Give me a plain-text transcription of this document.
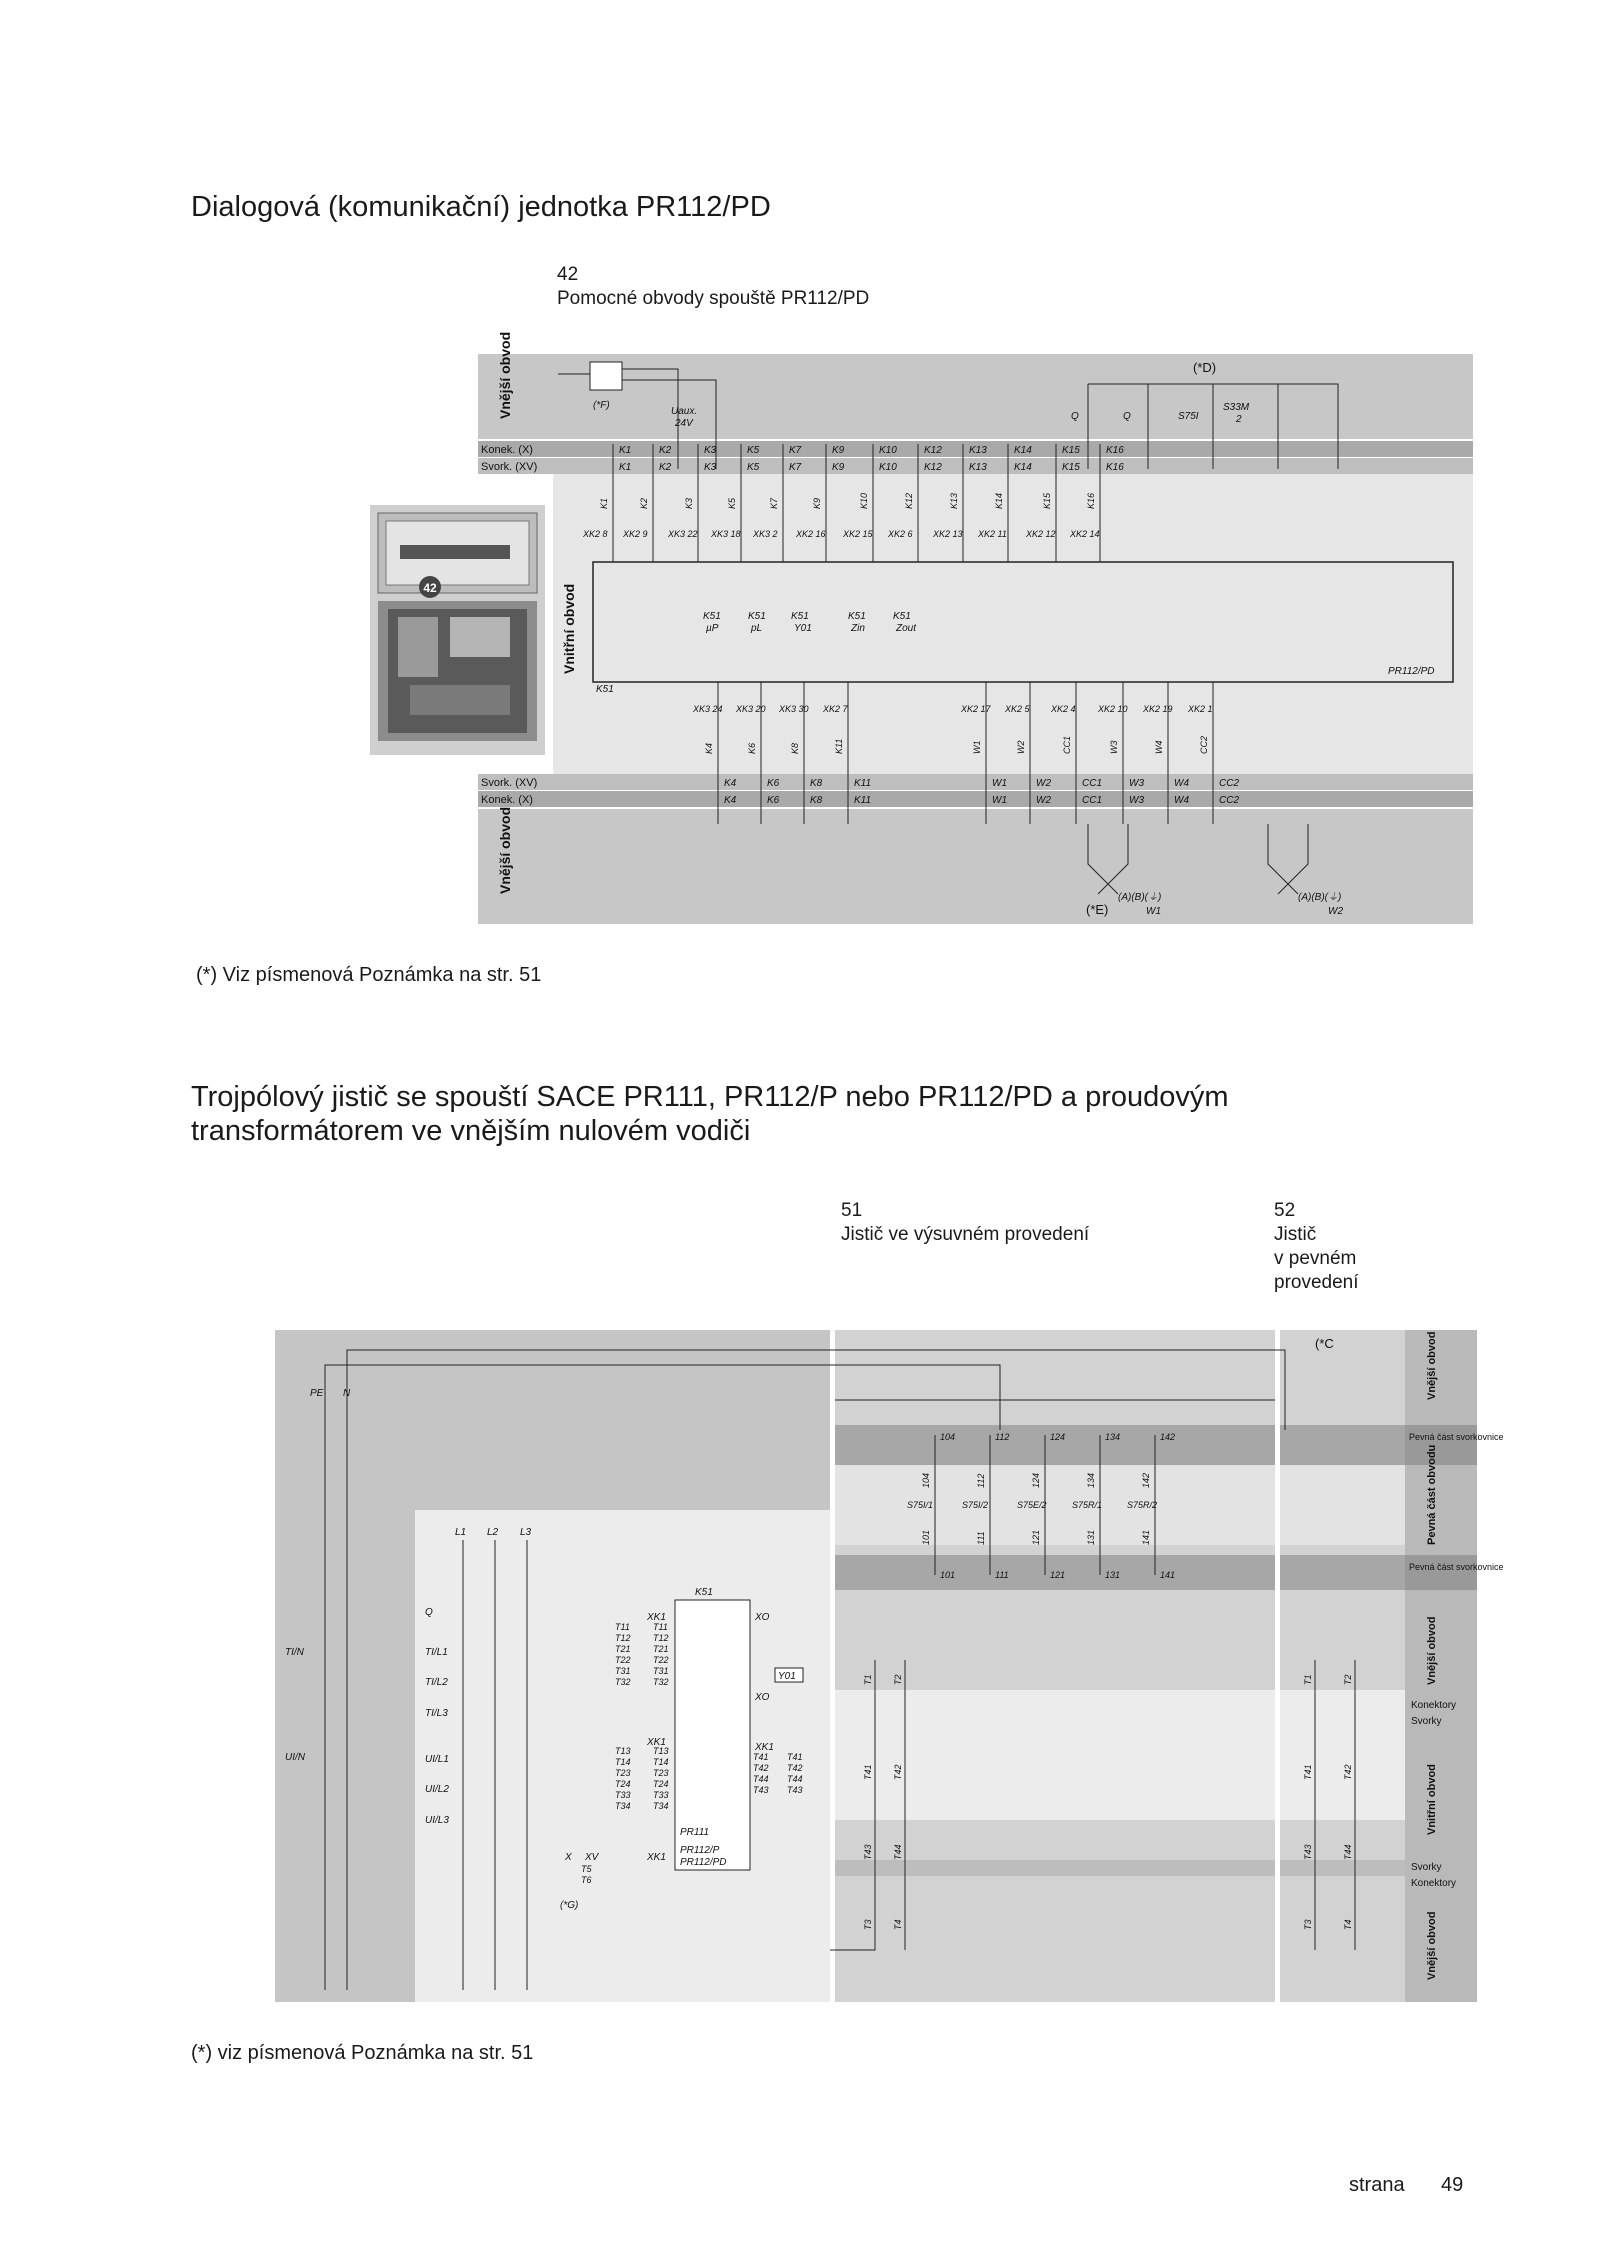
Dialogová (komunikační) jednotka PR112/PD
42
Pomocné obvody spouště PR112/PD
42
Vnější obvod
Vnitřní obvod
Vnější obvod
Konek. (X)
Svork. (XV)
Svork. (XV)
Konek. (X)
(*F)
Uaux.
24V
(*D)
Q	Q	S75I
S33M
2
K51
PR112/PD
K1
K1
K1
K2
K2
K2
K3
K3
K3
K5
K5
K5
K7
K7
K7
K9
K9
K9
K10
K10
K10
K12
K12
K12
K13
K13
K13
K14
K14
K14
K15
K15
K15
K16
K16
K16
XK2 8 XK2 9 XK3 22 XK3 18 XK3 2 XK2 16 XK2 15 XK2 6 XK2 13 XK2 11 XK2 12 XK2 14
K51
µP
K51
pL
K51
Y01
K51
Zin
K51
Zout
XK3 24 XK3 20 XK3 30 XK2 7	XK2 17 XK2 5 XK2 4 XK2 10 XK2 19 XK2 1
K4
K4
K4
K6
K6
K6
K8
K8
K8
K11
K11
K11
W1
W1
W1
W2
W2
W2
CC1
CC1
CC1
W3
W3
W3
W4
W4
W4
CC2
CC2
CC2
(A)(B)(⏚)	(A)(B)(⏚)
W1	W2
(*E)
(*) Viz písmenová Poznámka na str. 51
Trojpólový jistič se spouští SACE PR111, PR112/P nebo PR112/PD a proudovým
transformátorem ve vnějším nulovém vodiči
51
Jistič ve výsuvném provedení
52
Jistič
v pevném
provedení
Vnější obvod
Pevná část svorkovnice
Pevná část obvodu
Pevná část svorkovnice
Vnější obvod
Konektory
Svorky
Vnitřní obvod
Svorky
Konektory
Vnější obvod
PE N
TI/N
UI/N
L1 L2 L3
Q
TI/L1
TI/L2
TI/L3
UI/L1
UI/L2
UI/L3
K51
PR111
PR112/P
PR112/PD
XK1
XK1
XK1
XO
XO
XK1
Y01
X XV
(*G)
(*C
T11	T11
T12 T12
T21 T21
T22 T22
T31 T31
T32 T32
T13 T13
T14 T14
T23 T23
T24 T24
T33 T33
T34 T34
T41 T41
T42 T42
T44 T44
T43 T43
104
104
112
112
124
124
134
134
142
142
S75I/1	S75I/2	S75E/2	S75R/1	S75R/2
101
101
111
111
121
121
131
131
141
141
T1 T2
T3 T4
T41 T42
T43 T44
T5
T6
T1	T2
T3	T4
T41	T42
T43	T44
(*) viz písmenová Poznámka na str. 51
strana 49
